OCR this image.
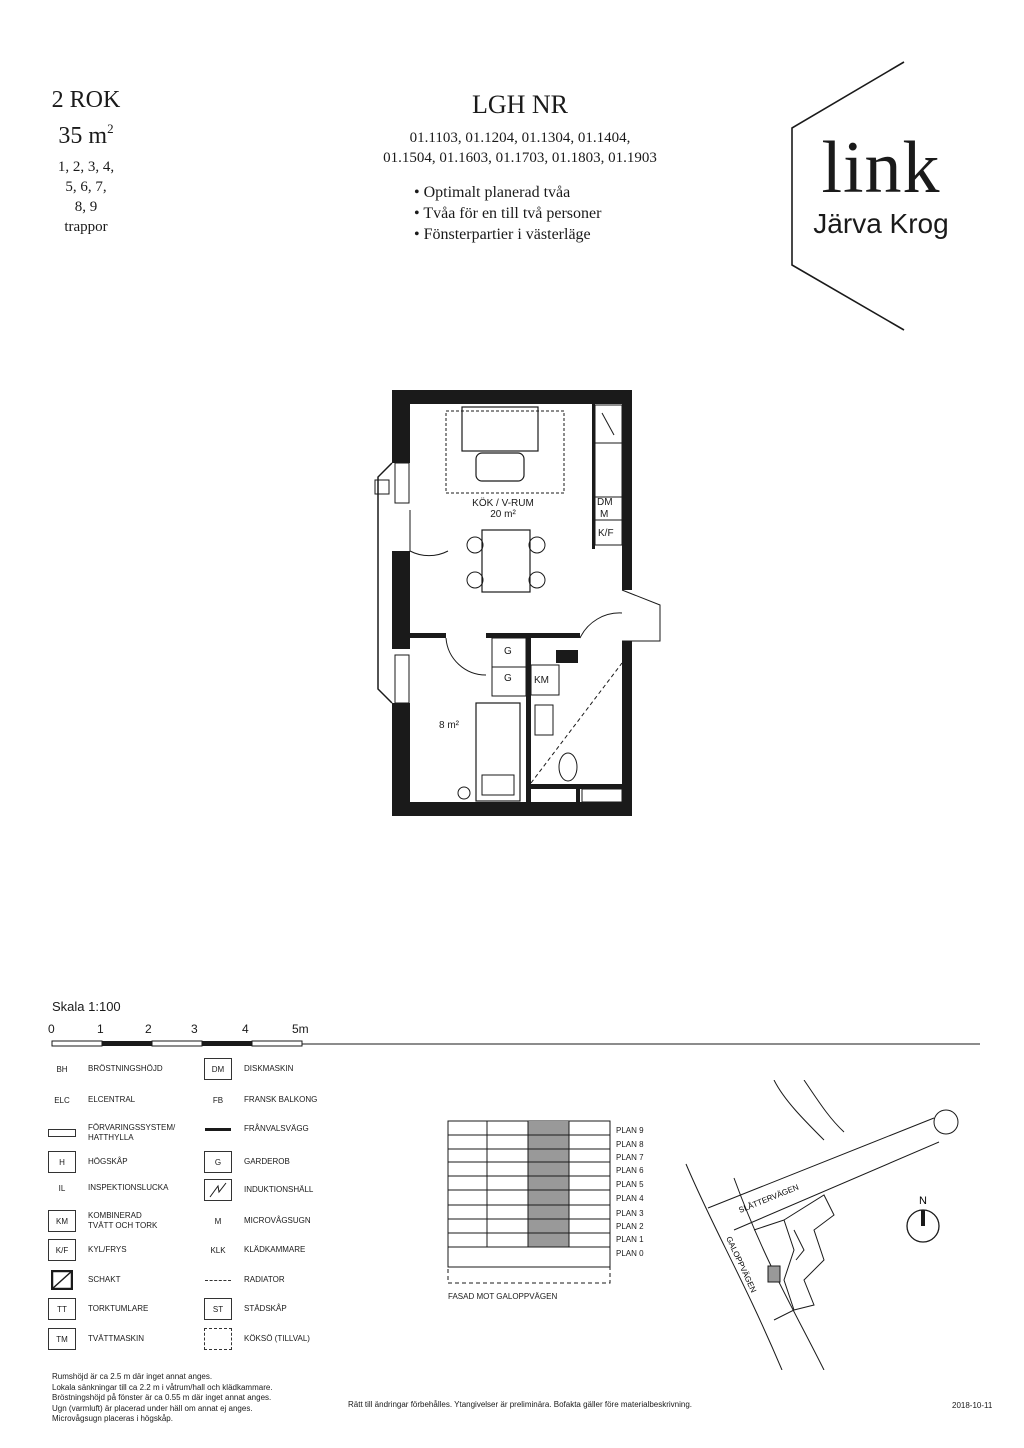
2 ROK
35 $m^2$
1, 2, 3, 4,
5, 6, 7,
8, 9
trappor
LGH NR
01.1103, 01.1204, 01.1304, 01.1404,
01.1504, 01.1603, 01.1703, 01.1803, 01.1903
• Optimalt planerad tvåa
• Tvåa för en till två personer
• Fönsterpartier i västerläge
link
Järva Krog
KÖK / V-RUM
20 m²
8 m²
DM
M
K/F
G
G KM
Skala 1:100
0	1	2	3	4	5m
BH	BRÖSTNINGSHÖJD
ELC	ELCENTRAL
FÖRVARINGSSYSTEM/
HATTHYLLA
H	HÖGSKÅP
IL	INSPEKTIONSLUCKA
KM
KOMBINERAD
TVÄTT OCH TORK
K/F	KYL/FRYS
SCHAKT
TT	TORKTUMLARE
TM	TVÄTTMASKIN
DM	DISKMASKIN
FB	FRANSK BALKONG
FRÅNVALSVÄGG
G	GARDEROB
INDUKTIONSHÄLL
M	MICROVÅGSUGN
KLK	KLÄDKAMMARE
RADIATOR
ST	STÄDSKÅP
KÖKSÖ (TILLVAL)
PLAN 9
PLAN 8
PLAN 7
PLAN 6
PLAN 5
PLAN 4
PLAN 3
PLAN 2
PLAN 1
PLAN 0
FASAD MOT GALOPPVÄGEN
SLÅTTERVÄGEN
GALOPPVÄGEN
N
Rumshöjd är ca 2.5 m där inget annat anges.
Lokala sänkningar till ca 2.2 m i våtrum/hall och klädkammare.
Bröstningshöjd på fönster är ca 0.55 m där inget annat anges.
Ugn (varmluft) är placerad under häll om annat ej anges.
Microvågsugn placeras i högskåp.
Rätt till ändringar förbehålles. Ytangivelser är preliminära. Bofakta gäller före materialbeskrivning.	2018-10-11
